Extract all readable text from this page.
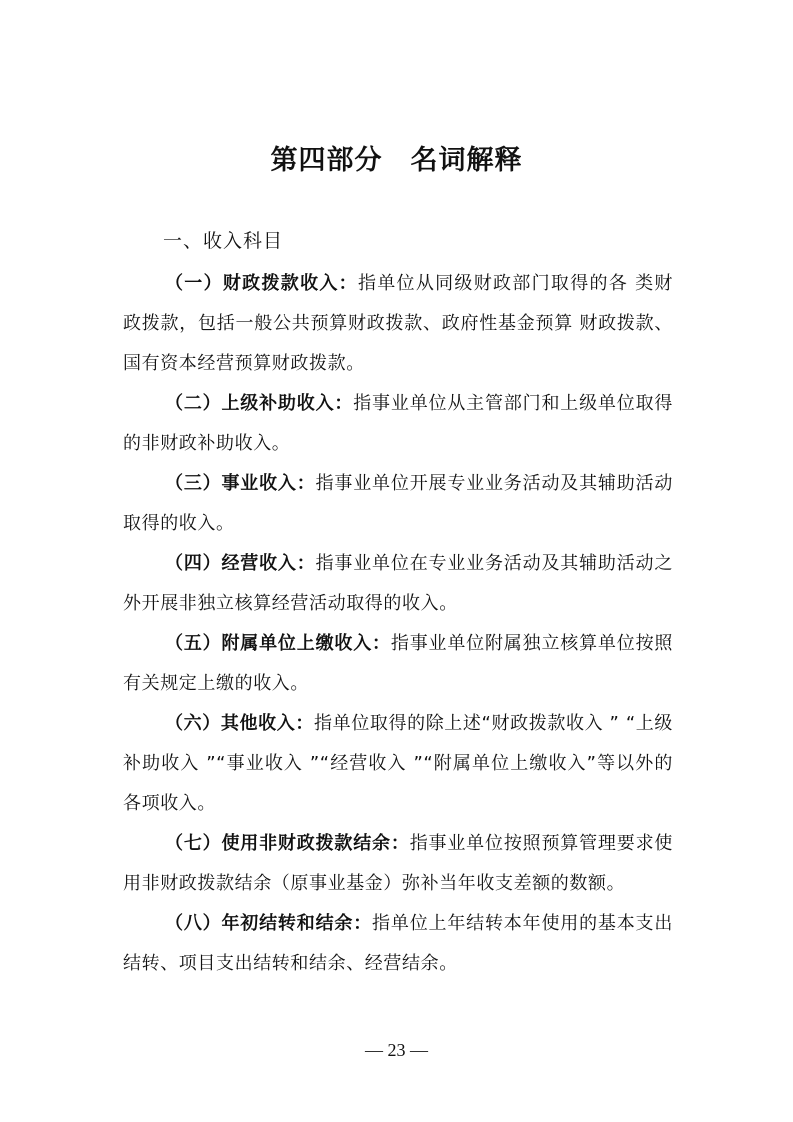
第四部分　名词解释
一、收入科目

（一）财政拨款收入：指单位从同级财政部门取得的各 类财政拨款，包括一般公共预算财政拨款、政府性基金预算 财政拨款、 国有资本经营预算财政拨款。

（二）上级补助收入：指事业单位从主管部门和上级单位取得的非财政补助收入。

（三）事业收入：指事业单位开展专业业务活动及其辅助活动取得的收入。

（四）经营收入：指事业单位在专业业务活动及其辅助活动之外开展非独立核算经营活动取得的收入。

（五）附属单位上缴收入：指事业单位附属独立核算单位按照有关规定上缴的收入。

（六）其他收入：指单位取得的除上述“财政拨款收入 ” “上级补助收入 ”“事业收入 ”“经营收入 ”“附属单位上缴收入”等以外的各项收入。

（七）使用非财政拨款结余：指事业单位按照预算管理要求使用非财政拨款结余（原事业基金）弥补当年收支差额的数额。

（八）年初结转和结余：指单位上年结转本年使用的基本支出结转、项目支出结转和结余、经营结余。

— 23 —
